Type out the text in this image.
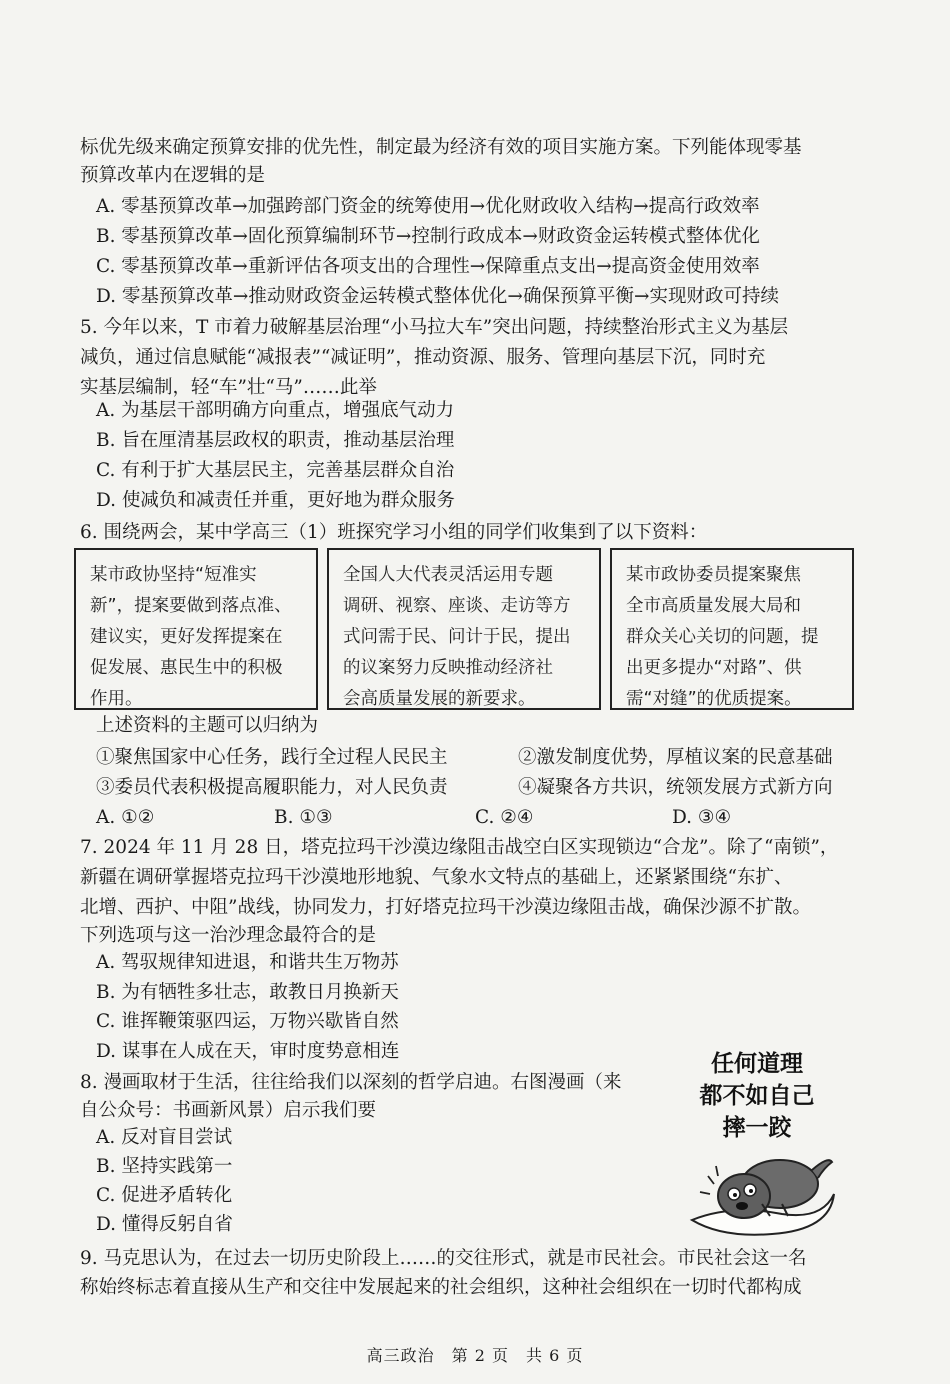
标优先级来确定预算安排的优先性，制定最为经济有效的项目实施方案。下列能体现零基
预算改革内在逻辑的是
A. 零基预算改革→加强跨部门资金的统筹使用→优化财政收入结构→提高行政效率
B. 零基预算改革→固化预算编制环节→控制行政成本→财政资金运转模式整体优化
C. 零基预算改革→重新评估各项支出的合理性→保障重点支出→提高资金使用效率
D. 零基预算改革→推动财政资金运转模式整体优化→确保预算平衡→实现财政可持续
5. 今年以来，T 市着力破解基层治理“小马拉大车”突出问题，持续整治形式主义为基层
减负，通过信息赋能“减报表”“减证明”，推动资源、服务、管理向基层下沉，同时充
实基层编制，轻“车”壮“马”……此举
A. 为基层干部明确方向重点，增强底气动力
B. 旨在厘清基层政权的职责，推动基层治理
C. 有利于扩大基层民主，完善基层群众自治
D. 使减负和减责任并重，更好地为群众服务
6. 围绕两会，某中学高三（1）班探究学习小组的同学们收集到了以下资料：
某市政协坚持“短准实
新”，提案要做到落点准、
建议实，更好发挥提案在
促发展、惠民生中的积极
作用。
全国人大代表灵活运用专题
调研、视察、座谈、走访等方
式问需于民、问计于民，提出
的议案努力反映推动经济社
会高质量发展的新要求。
某市政协委员提案聚焦
全市高质量发展大局和
群众关心关切的问题，提
出更多提办“对路”、供
需“对缝”的优质提案。
上述资料的主题可以归纳为
①聚焦国家中心任务，践行全过程人民民主	②激发制度优势，厚植议案的民意基础
③委员代表积极提高履职能力，对人民负责	④凝聚各方共识，统领发展方式新方向
A. ①②	B. ①③	C. ②④	D. ③④
7. 2024 年 11 月 28 日，塔克拉玛干沙漠边缘阻击战空白区实现锁边“合龙”。除了“南锁”，
新疆在调研掌握塔克拉玛干沙漠地形地貌、气象水文特点的基础上，还紧紧围绕“东扩、
北增、西护、中阻”战线，协同发力，打好塔克拉玛干沙漠边缘阻击战，确保沙源不扩散。
下列选项与这一治沙理念最符合的是
A. 驾驭规律知进退，和谐共生万物苏
B. 为有牺牲多壮志，敢教日月换新天
C. 谁挥鞭策驱四运，万物兴歇皆自然
D. 谋事在人成在天，审时度势意相连
8. 漫画取材于生活，往往给我们以深刻的哲学启迪。右图漫画（来
自公众号：书画新风景）启示我们要
A. 反对盲目尝试
B. 坚持实践第一
C. 促进矛盾转化
D. 懂得反躬自省
任何道理
都不如自己
摔一跤
9. 马克思认为，在过去一切历史阶段上……的交往形式，就是市民社会。市民社会这一名
称始终标志着直接从生产和交往中发展起来的社会组织，这种社会组织在一切时代都构成
高三政治　第 2 页　共 6 页
